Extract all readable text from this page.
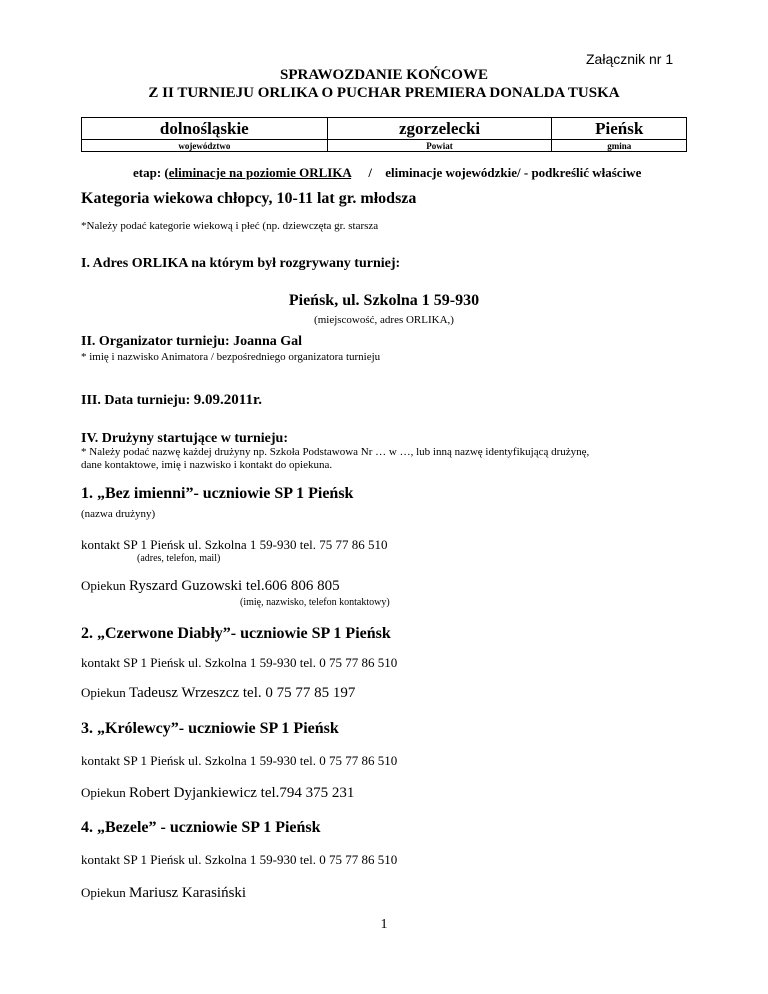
Załącznik nr 1
SPRAWOZDANIE KOŃCOWE
Z II TURNIEJU ORLIKA O PUCHAR PREMIERA DONALDA TUSKA
dolnośląskie	zgorzelecki	Pieńsk
województwo	Powiat	gmina
etap: (eliminacje na poziomie ORLIKA / eliminacje wojewódzkie/ - podkreślić właściwe
Kategoria wiekowa chłopcy, 10-11 lat gr. młodsza
*Należy podać kategorie wiekową i płeć (np. dziewczęta gr. starsza
I. Adres ORLIKA na którym był rozgrywany turniej:
Pieńsk, ul. Szkolna 1 59-930
(miejscowość, adres ORLIKA,)
II. Organizator turnieju: Joanna Gal
* imię i nazwisko Animatora / bezpośredniego organizatora turnieju
III. Data turnieju: 9.09.2011r.
IV. Drużyny startujące w turnieju:
* Należy podać nazwę każdej drużyny np. Szkoła Podstawowa Nr … w …, lub inną nazwę identyfikującą drużynę,
dane kontaktowe, imię i nazwisko i kontakt do opiekuna.
1. „Bez imienni”- uczniowie SP 1 Pieńsk
(nazwa drużyny)
kontakt SP 1 Pieńsk ul. Szkolna 1 59-930 tel. 75 77 86 510
(adres, telefon, mail)
Opiekun Ryszard Guzowski tel.606 806 805
(imię, nazwisko, telefon kontaktowy)
2. „Czerwone Diabły”- uczniowie SP 1 Pieńsk
kontakt SP 1 Pieńsk ul. Szkolna 1 59-930 tel. 0 75 77 86 510
Opiekun Tadeusz Wrzeszcz tel. 0 75 77 85 197
3. „Królewcy”- uczniowie SP 1 Pieńsk
kontakt SP 1 Pieńsk ul. Szkolna 1 59-930 tel. 0 75 77 86 510
Opiekun Robert Dyjankiewicz tel.794 375 231
4. „Bezele” - uczniowie SP 1 Pieńsk
kontakt SP 1 Pieńsk ul. Szkolna 1 59-930 tel. 0 75 77 86 510
Opiekun Mariusz Karasiński
1
